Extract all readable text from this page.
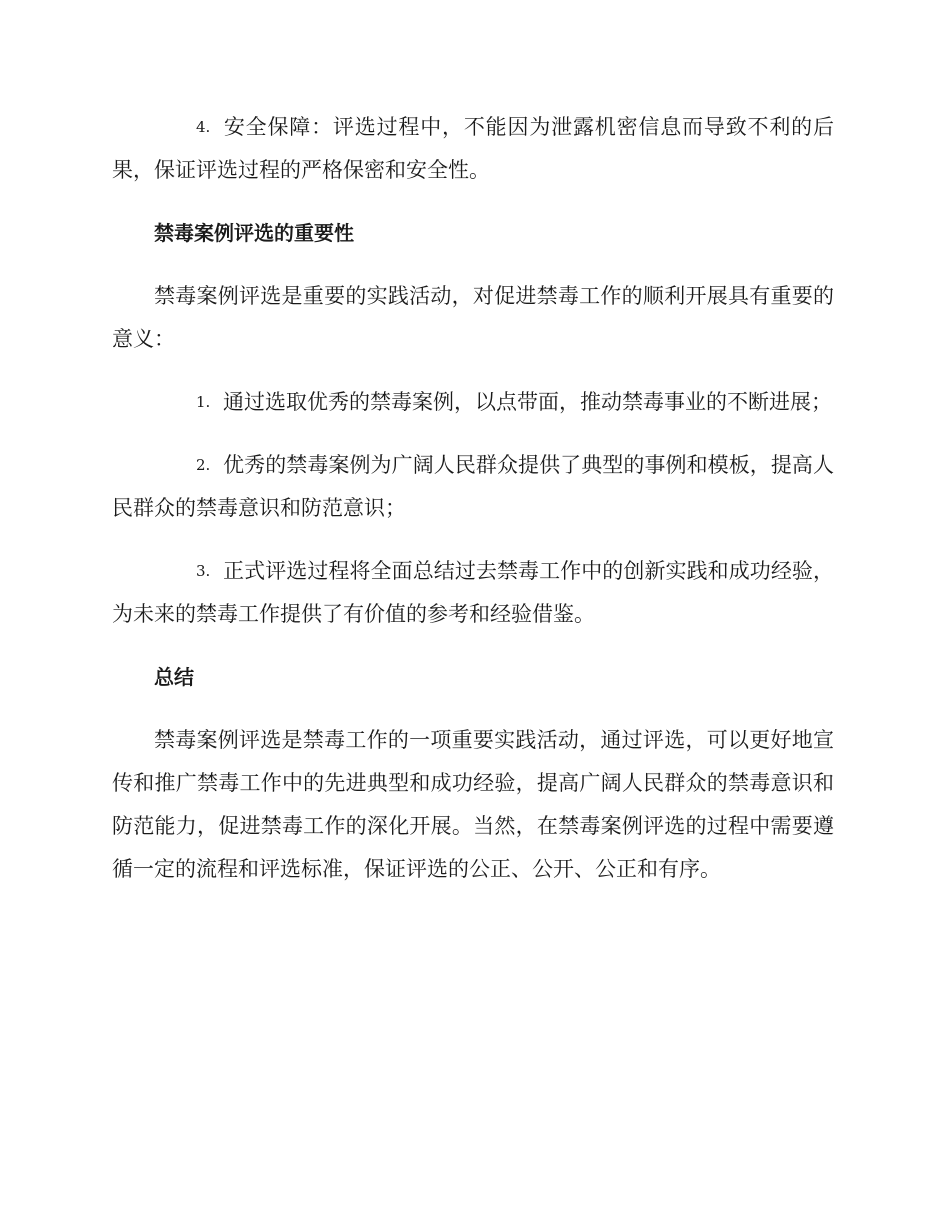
4. 安全保障：评选过程中，不能因为泄露机密信息而导致不利的后果，保证评选过程的严格保密和安全性。

禁毒案例评选的重要性

禁毒案例评选是重要的实践活动，对促进禁毒工作的顺利开展具有重要的意义：

1. 通过选取优秀的禁毒案例，以点带面，推动禁毒事业的不断进展；

2. 优秀的禁毒案例为广阔人民群众提供了典型的事例和模板，提高人民群众的禁毒意识和防范意识；

3. 正式评选过程将全面总结过去禁毒工作中的创新实践和成功经验，为未来的禁毒工作提供了有价值的参考和经验借鉴。

总结

禁毒案例评选是禁毒工作的一项重要实践活动，通过评选，可以更好地宣传和推广禁毒工作中的先进典型和成功经验，提高广阔人民群众的禁毒意识和防范能力，促进禁毒工作的深化开展。当然，在禁毒案例评选的过程中需要遵循一定的流程和评选标准，保证评选的公正、公开、公正和有序。
